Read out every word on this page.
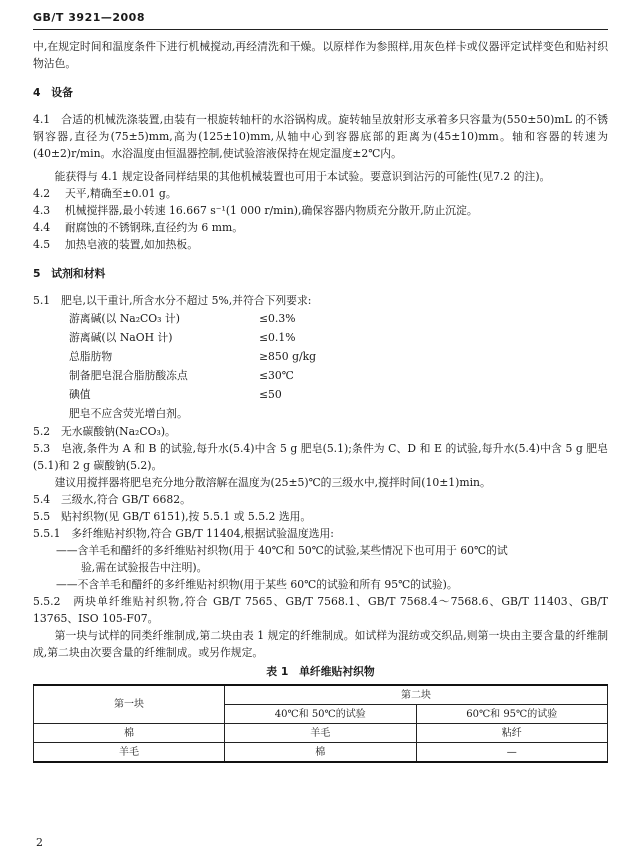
GB/T 3921—2008

中,在规定时间和温度条件下进行机械搅动,再经清洗和干燥。以原样作为参照样,用灰色样卡或仪器评定试样变色和贴衬织物沾色。

4　设备

4.1　合适的机械洗涤装置,由装有一根旋转轴杆的水浴锅构成。旋转轴呈放射形支承着多只容量为(550±50)mL 的不锈钢容器,直径为(75±5)mm,高为(125±10)mm,从轴中心到容器底部的距离为(45±10)mm。轴和容器的转速为(40±2)r/min。水浴温度由恒温器控制,使试验溶液保持在规定温度±2℃内。

能获得与 4.1 规定设备同样结果的其他机械装置也可用于本试验。要意识到沾污的可能性(见7.2 的注)。

4.2 天平,精确至±0.01 g。

4.3 机械搅拌器,最小转速 16.667 s⁻¹(1 000 r/min),确保容器内物质充分散开,防止沉淀。

4.4 耐腐蚀的不锈钢珠,直径约为 6 mm。

4.5 加热皂液的装置,如加热板。

5　试剂和材料

5.1　肥皂,以干重计,所含水分不超过 5%,并符合下列要求:

游离碱(以 Na₂CO₃ 计)	≤0.3%
游离碱(以 NaOH 计)	≤0.1%
总脂肪物	≥850 g/kg
制备肥皂混合脂肪酸冻点	≤30℃
碘值	≤50
肥皂不应含荧光增白剂。

5.2　无水碳酸钠(Na₂CO₃)。

5.3　皂液,条件为 A 和 B 的试验,每升水(5.4)中含 5 g 肥皂(5.1);条件为 C、D 和 E 的试验,每升水(5.4)中含 5 g 肥皂(5.1)和 2 g 碳酸钠(5.2)。

建议用搅拌器将肥皂充分地分散溶解在温度为(25±5)℃的三级水中,搅拌时间(10±1)min。

5.4　三级水,符合 GB/T 6682。

5.5　贴衬织物(见 GB/T 6151),按 5.5.1 或 5.5.2 选用。

5.5.1　多纤维贴衬织物,符合 GB/T 11404,根据试验温度选用:

——含羊毛和醋纤的多纤维贴衬织物(用于 40℃和 50℃的试验,某些情况下也可用于 60℃的试

验,需在试验报告中注明)。

——不含羊毛和醋纤的多纤维贴衬织物(用于某些 60℃的试验和所有 95℃的试验)。

5.5.2　两块单纤维贴衬织物,符合 GB/T 7565、GB/T 7568.1、GB/T 7568.4～7568.6、GB/T 11403、GB/T 13765、ISO 105-F07。

第一块与试样的同类纤维制成,第二块由表 1 规定的纤维制成。如试样为混纺或交织品,则第一块由主要含量的纤维制成,第二块由次要含量的纤维制成。或另作规定。

表 1　单纤维贴衬织物
第一块	第二块	
	40℃和 50℃的试验	60℃和 95℃的试验
棉	羊毛	粘纤
羊毛	棉	—
2
